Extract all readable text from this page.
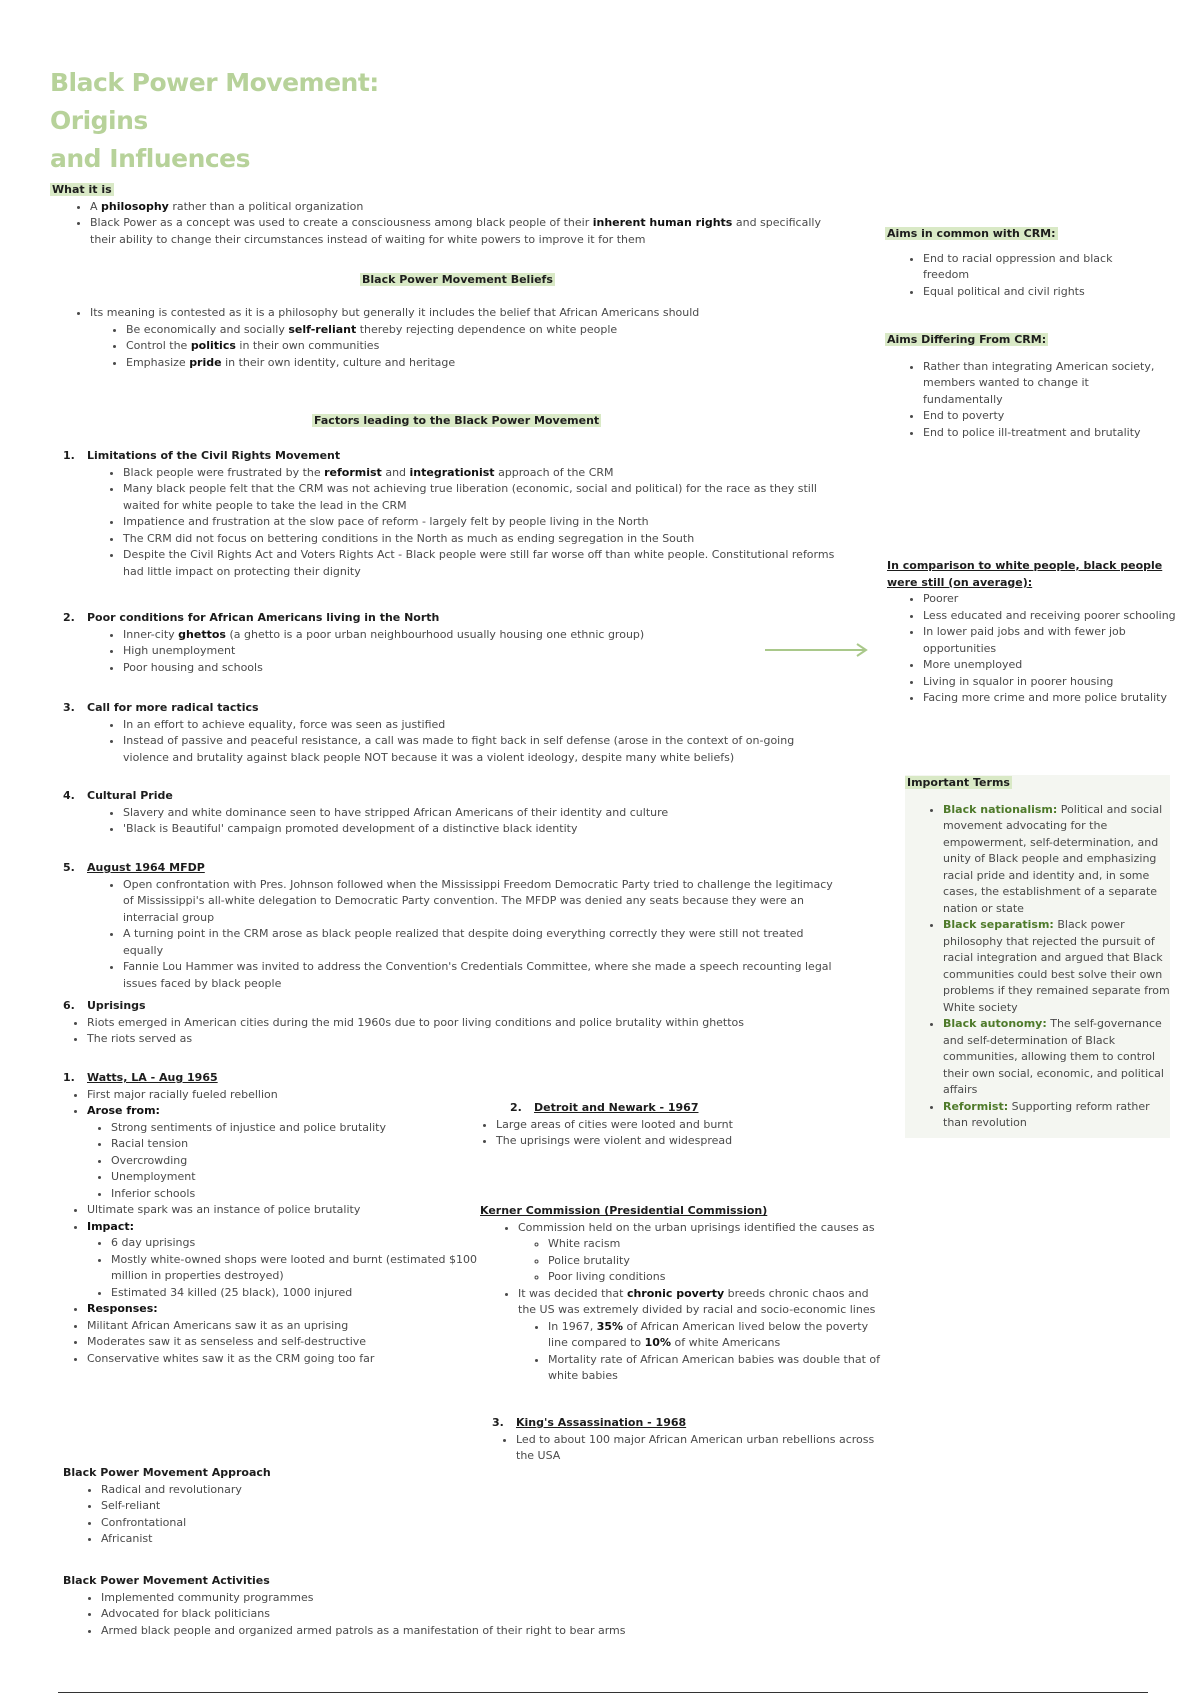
Black Power Movement: Origins
and Influences
What it is
• A philosophy rather than a political organization
• Black Power as a concept was used to create a consciousness among black people of their inherent human rights and specifically their ability to change their circumstances instead of waiting for white powers to improve it for them
Black Power Movement Beliefs
• Its meaning is contested as it is a philosophy but generally it includes the belief that African Americans should
• Be economically and socially self-reliant thereby rejecting dependence on white people
• Control the politics in their own communities
• Emphasize pride in their own identity, culture and heritage
Factors leading to the Black Power Movement
1. Limitations of the Civil Rights Movement
• Black people were frustrated by the reformist and integrationist approach of the CRM
• Many black people felt that the CRM was not achieving true liberation (economic, social and political) for the race as they still waited for white people to take the lead in the CRM
• Impatience and frustration at the slow pace of reform - largely felt by people living in the North
• The CRM did not focus on bettering conditions in the North as much as ending segregation in the South
• Despite the Civil Rights Act and Voters Rights Act - Black people were still far worse off than white people. Constitutional reforms had little impact on protecting their dignity
2. Poor conditions for African Americans living in the North
• Inner-city ghettos (a ghetto is a poor urban neighbourhood usually housing one ethnic group)
• High unemployment
• Poor housing and schools
3. Call for more radical tactics
• In an effort to achieve equality, force was seen as justified
• Instead of passive and peaceful resistance, a call was made to fight back in self defense (arose in the context of on-going violence and brutality against black people NOT because it was a violent ideology, despite many white beliefs)
4. Cultural Pride
• Slavery and white dominance seen to have stripped African Americans of their identity and culture
• 'Black is Beautiful' campaign promoted development of a distinctive black identity
5. August 1964 MFDP
• Open confrontation with Pres. Johnson followed when the Mississippi Freedom Democratic Party tried to challenge the legitimacy of Mississippi's all-white delegation to Democratic Party convention. The MFDP was denied any seats because they were an interracial group
• A turning point in the CRM arose as black people realized that despite doing everything correctly they were still not treated equally
• Fannie Lou Hammer was invited to address the Convention's Credentials Committee, where she made a speech recounting legal issues faced by black people
6. Uprisings
• Riots emerged in American cities during the mid 1960s due to poor living conditions and police brutality within ghettos
• The riots served as
1. Watts, LA - Aug 1965
• First major racially fueled rebellion
• Arose from:
• Strong sentiments of injustice and police brutality
• Racial tension
• Overcrowding
• Unemployment
• Inferior schools
• Ultimate spark was an instance of police brutality
• Impact:
• 6 day uprisings
• Mostly white-owned shops were looted and burnt (estimated $100 million in properties destroyed)
• Estimated 34 killed (25 black), 1000 injured
• Responses:
• Militant African Americans saw it as an uprising
• Moderates saw it as senseless and self-destructive
• Conservative whites saw it as the CRM going too far
2. Detroit and Newark - 1967
• Large areas of cities were looted and burnt
• The uprisings were violent and widespread
Kerner Commission (Presidential Commission)
• Commission held on the urban uprisings identified the causes as
◦ White racism
◦ Police brutality
◦ Poor living conditions
• It was decided that chronic poverty breeds chronic chaos and the US was extremely divided by racial and socio-economic lines
• In 1967, 35% of African American lived below the poverty line compared to 10% of white Americans
• Mortality rate of African American babies was double that of white babies
3. King's Assassination - 1968
• Led to about 100 major African American urban rebellions across the USA
Black Power Movement Approach
• Radical and revolutionary
• Self-reliant
• Confrontational
• Africanist
Black Power Movement Activities
• Implemented community programmes
• Advocated for black politicians
• Armed black people and organized armed patrols as a manifestation of their right to bear arms
Aims in common with CRM:
• End to racial oppression and black freedom
• Equal political and civil rights
Aims Differing From CRM:
• Rather than integrating American society, members wanted to change it fundamentally
• End to poverty
• End to police ill-treatment and brutality
In comparison to white people, black people were still (on average):
• Poorer
• Less educated and receiving poorer schooling
• In lower paid jobs and with fewer job opportunities
• More unemployed
• Living in squalor in poorer housing
• Facing more crime and more police brutality
Important Terms
• Black nationalism: Political and social movement advocating for the empowerment, self-determination, and unity of Black people and emphasizing racial pride and identity and, in some cases, the establishment of a separate nation or state
• Black separatism: Black power philosophy that rejected the pursuit of racial integration and argued that Black communities could best solve their own problems if they remained separate from White society
• Black autonomy: The self-governance and self-determination of Black communities, allowing them to control their own social, economic, and political affairs
• Reformist: Supporting reform rather than revolution
